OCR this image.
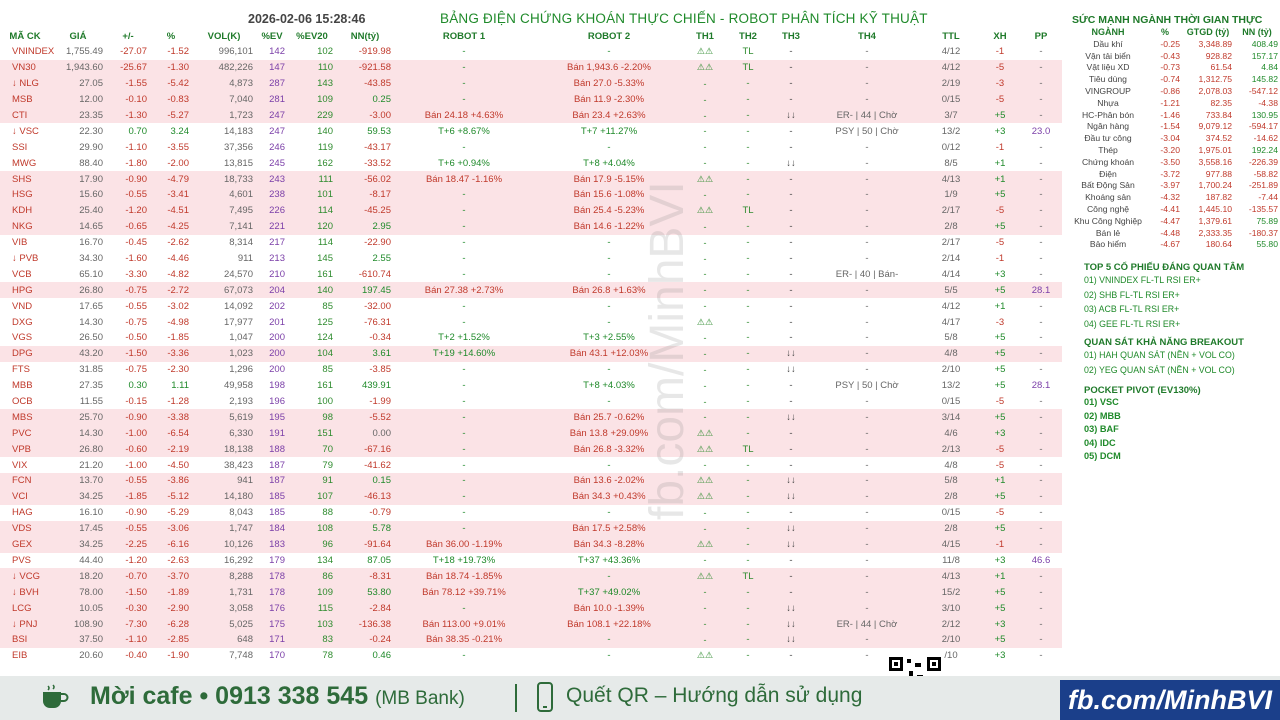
2026-02-06 15:28:46	BẢNG ĐIỆN CHỨNG KHOÁN THỰC CHIẾN - ROBOT PHÂN TÍCH KỸ THUẬT
MÃ CK	GIÁ	+/-	%	VOL(K)	%EV	%EV20	NN(tỷ)	ROBOT 1	ROBOT 2	TH1	TH2	TH3	TH4	TTL	XH	PP
VNINDEX	1,755.49	-27.07	-1.52	996,101	142	102	-919.98	-	-	⚠⚠	TL	-	-	4/12	-1	-
VN30	1,943.60	-25.67	-1.30	482,226	147	110	-921.58	-	Bán 1,943.6 -2.20%	⚠⚠	TL	-	-	4/12	-5	-
↓ NLG	27.05	-1.55	-5.42	4,873	287	143	-43.85	-	Bán 27.0 -5.33%	-	-	-	-	2/19	-3	-
MSB	12.00	-0.10	-0.83	7,040	281	109	0.25	-	Bán 11.9 -2.30%	-	-	-	-	0/15	-5	-
CTI	23.35	-1.30	-5.27	1,723	247	229	-3.00	Bán 24.18 +4.63%	Bán 23.4 +2.63%	-	-	↓↓	ER- | 44 | Chờ	3/7	+5	-
↓ VSC	22.30	0.70	3.24	14,183	247	140	59.53	T+6 +8.67%	T+7 +11.27%	-	-	-	PSY | 50 | Chờ	13/2	+3	23.0
SSI	29.90	-1.10	-3.55	37,356	246	119	-43.17	-	-	-	-	-	-	0/12	-1	-
MWG	88.40	-1.80	-2.00	13,815	245	162	-33.52	T+6 +0.94%	T+8 +4.04%	-	-	↓↓	-	8/5	+1	-
SHS	17.90	-0.90	-4.79	18,733	243	111	-56.02	Bán 18.47 -1.16%	Bán 17.9 -5.15%	⚠⚠	-	-	-	4/13	+1	-
HSG	15.60	-0.55	-3.41	4,601	238	101	-8.17	-	Bán 15.6 -1.08%	-	-	-	-	1/9	+5	-
KDH	25.40	-1.20	-4.51	7,495	226	114	-45.25	-	Bán 25.4 -5.23%	⚠⚠	TL	-	-	2/17	-5	-
NKG	14.65	-0.65	-4.25	7,141	221	120	2.95	-	Bán 14.6 -1.22%	-	-	-	-	2/8	+5	-
VIB	16.70	-0.45	-2.62	8,314	217	114	-22.90	-	-	-	-	-	-	2/17	-5	-
↓ PVB	34.30	-1.60	-4.46	911	213	145	2.55	-	-	-	-	-	-	2/14	-1	-
VCB	65.10	-3.30	-4.82	24,570	210	161	-610.74	-	-	-	-	-	ER- | 40 | Bán-	4/14	+3	-
HPG	26.80	-0.75	-2.72	67,073	204	140	197.45	Bán 27.38 +2.73%	Bán 26.8 +1.63%	-	-	-	-	5/5	+5	28.1
VND	17.65	-0.55	-3.02	14,092	202	85	-32.00	-	-	-	-	-	-	4/12	+1	-
DXG	14.30	-0.75	-4.98	17,977	201	125	-76.31	-	-	⚠⚠	-	-	-	4/17	-3	-
VGS	26.50	-0.50	-1.85	1,047	200	124	-0.34	T+2 +1.52%	T+3 +2.55%	-	-	-	-	5/8	+5	-
DPG	43.20	-1.50	-3.36	1,023	200	104	3.61	T+19 +14.60%	Bán 43.1 +12.03%	-	-	↓↓	-	4/8	+5	-
FTS	31.85	-0.75	-2.30	1,296	200	85	-3.85	-	-	-	-	↓↓	-	2/10	+5	-
MBB	27.35	0.30	1.11	49,958	198	161	439.91	-	T+8 +4.03%	-	-	-	PSY | 50 | Chờ	13/2	+5	28.1
OCB	11.55	-0.15	-1.28	2,193	196	100	-1.99	-	-	-	-	-	-	0/15	-5	-
MBS	25.70	-0.90	-3.38	5,619	195	98	-5.52	-	Bán 25.7 -0.62%	-	-	↓↓	-	3/14	+5	-
PVC	14.30	-1.00	-6.54	6,330	191	151	0.00	-	Bán 13.8 +29.09%	⚠⚠	-	-	-	4/6	+3	-
VPB	26.80	-0.60	-2.19	18,138	188	70	-67.16	-	Bán 26.8 -3.32%	⚠⚠	TL	-	-	2/13	-5	-
VIX	21.20	-1.00	-4.50	38,423	187	79	-41.62	-	-	-	-	-	-	4/8	-5	-
FCN	13.70	-0.55	-3.86	941	187	91	0.15	-	Bán 13.6 -2.02%	⚠⚠	-	↓↓	-	5/8	+1	-
VCI	34.25	-1.85	-5.12	14,180	185	107	-46.13	-	Bán 34.3 +0.43%	⚠⚠	-	↓↓	-	2/8	+5	-
HAG	16.10	-0.90	-5.29	8,043	185	88	-0.79	-	-	-	-	-	-	0/15	-5	-
VDS	17.45	-0.55	-3.06	1,747	184	108	5.78	-	Bán 17.5 +2.58%	-	-	↓↓	-	2/8	+5	-
GEX	34.25	-2.25	-6.16	10,126	183	96	-91.64	Bán 36.00 -1.19%	Bán 34.3 -8.28%	⚠⚠	-	↓↓	-	4/15	-1	-
PVS	44.40	-1.20	-2.63	16,292	179	134	87.05	T+18 +19.73%	T+37 +43.36%	-	-	-	-	11/8	+3	46.6
↓ VCG	18.20	-0.70	-3.70	8,288	178	86	-8.31	Bán 18.74 -1.85%	-	⚠⚠	TL	-	-	4/13	+1	-
↓ BVH	78.00	-1.50	-1.89	1,731	178	109	53.80	Bán 78.12 +39.71%	T+37 +49.02%	-	-	-	-	15/2	+5	-
LCG	10.05	-0.30	-2.90	3,058	176	115	-2.84	-	Bán 10.0 -1.39%	-	-	↓↓	-	3/10	+5	-
↓ PNJ	108.90	-7.30	-6.28	5,025	175	103	-136.38	Bán 113.00 +9.01%	Bán 108.1 +22.18%	-	-	↓↓	ER- | 44 | Chờ	2/12	+3	-
BSI	37.50	-1.10	-2.85	648	171	83	-0.24	Bán 38.35 -0.21%	-	-	-	↓↓	-	2/10	+5	-
EIB	20.60	-0.40	-1.90	7,748	170	78	0.46	-	-	⚠⚠	-	-	-	/10	+3	-
fb.com/MinhBVI
SỨC MẠNH NGÀNH THỜI GIAN THỰC
NGÀNH	%	GTGD (tỷ)	NN (tỷ)
Dầu khí	-0.25	3,348.89	408.49
Vận tải biển	-0.43	928.82	157.17
Vật liệu XD	-0.73	61.54	4.84
Tiêu dùng	-0.74	1,312.75	145.82
VINGROUP	-0.86	2,078.03	-547.12
Nhựa	-1.21	82.35	-4.38
HC-Phân bón	-1.46	733.84	130.95
Ngân hàng	-1.54	9,079.12	-594.17
Đầu tư công	-3.04	374.52	-14.62
Thép	-3.20	1,975.01	192.24
Chứng khoán	-3.50	3,558.16	-226.39
Điện	-3.72	977.88	-58.82
Bất Động Sản	-3.97	1,700.24	-251.89
Khoáng sản	-4.32	187.82	-7.44
Công nghệ	-4.41	1,445.10	-135.57
Khu Công Nghiệp	-4.47	1,379.61	75.89
Bán lẻ	-4.48	2,333.35	-180.37
Bảo hiểm	-4.67	180.64	55.80
TOP 5 CỔ PHIẾU ĐÁNG QUAN TÂM
01) VNINDEX FL-TL RSI ER+
02) SHB FL-TL RSI ER+
03) ACB FL-TL RSI ER+
04) GEE FL-TL RSI ER+
QUAN SÁT KHẢ NĂNG BREAKOUT
01) HAH QUAN SÁT (NỀN + VOL CO)
02) YEG QUAN SÁT (NỀN + VOL CO)
POCKET PIVOT (EV130%)
01) VSC
02) MBB
03) BAF
04) IDC
05) DCM
Mời cafe • 0913 338 545 (MB Bank)	Quết QR – Hướng dẫn sử dụng	fb.com/MinhBVI
